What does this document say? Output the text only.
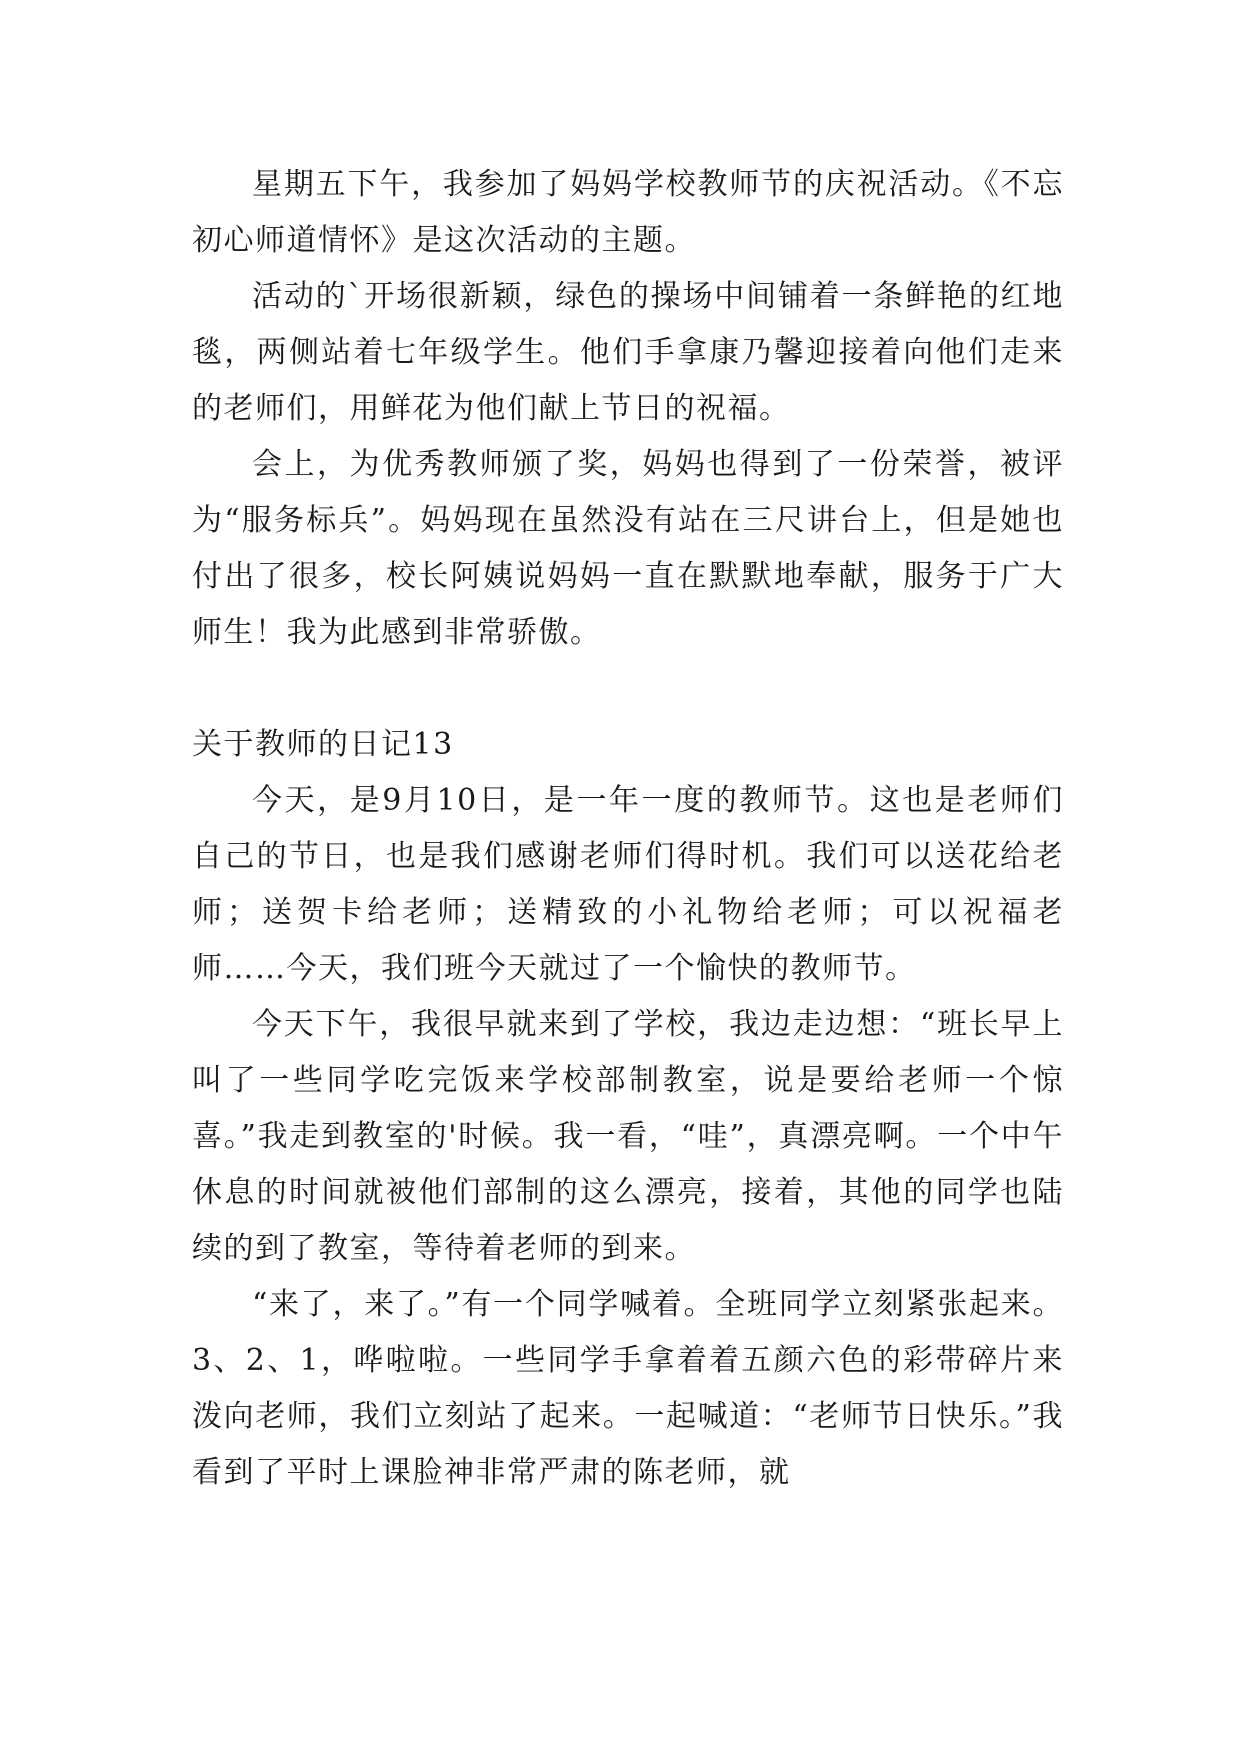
星期五下午，我参加了妈妈学校教师节的庆祝活动。《不忘初心师道情怀》是这次活动的主题。

活动的`开场很新颖，绿色的操场中间铺着一条鲜艳的红地毯，两侧站着七年级学生。他们手拿康乃馨迎接着向他们走来的老师们，用鲜花为他们献上节日的祝福。

会上，为优秀教师颁了奖，妈妈也得到了一份荣誉，被评为“服务标兵”。妈妈现在虽然没有站在三尺讲台上，但是她也付出了很多，校长阿姨说妈妈一直在默默地奉献，服务于广大师生！我为此感到非常骄傲。

关于教师的日记13

今天，是9月10日，是一年一度的教师节。这也是老师们自己的节日，也是我们感谢老师们得时机。我们可以送花给老师；送贺卡给老师；送精致的小礼物给老师；可以祝福老师……今天，我们班今天就过了一个愉快的教师节。

今天下午，我很早就来到了学校，我边走边想：“班长早上叫了一些同学吃完饭来学校部制教室，说是要给老师一个惊喜。”我走到教室的'时候。我一看，“哇”，真漂亮啊。一个中午休息的时间就被他们部制的这么漂亮，接着，其他的同学也陆续的到了教室，等待着老师的到来。

“来了，来了。”有一个同学喊着。全班同学立刻紧张起来。3、2、1，哗啦啦。一些同学手拿着着五颜六色的彩带碎片来泼向老师，我们立刻站了起来。一起喊道：“老师节日快乐。”我看到了平时上课脸神非常严肃的陈老师，就
